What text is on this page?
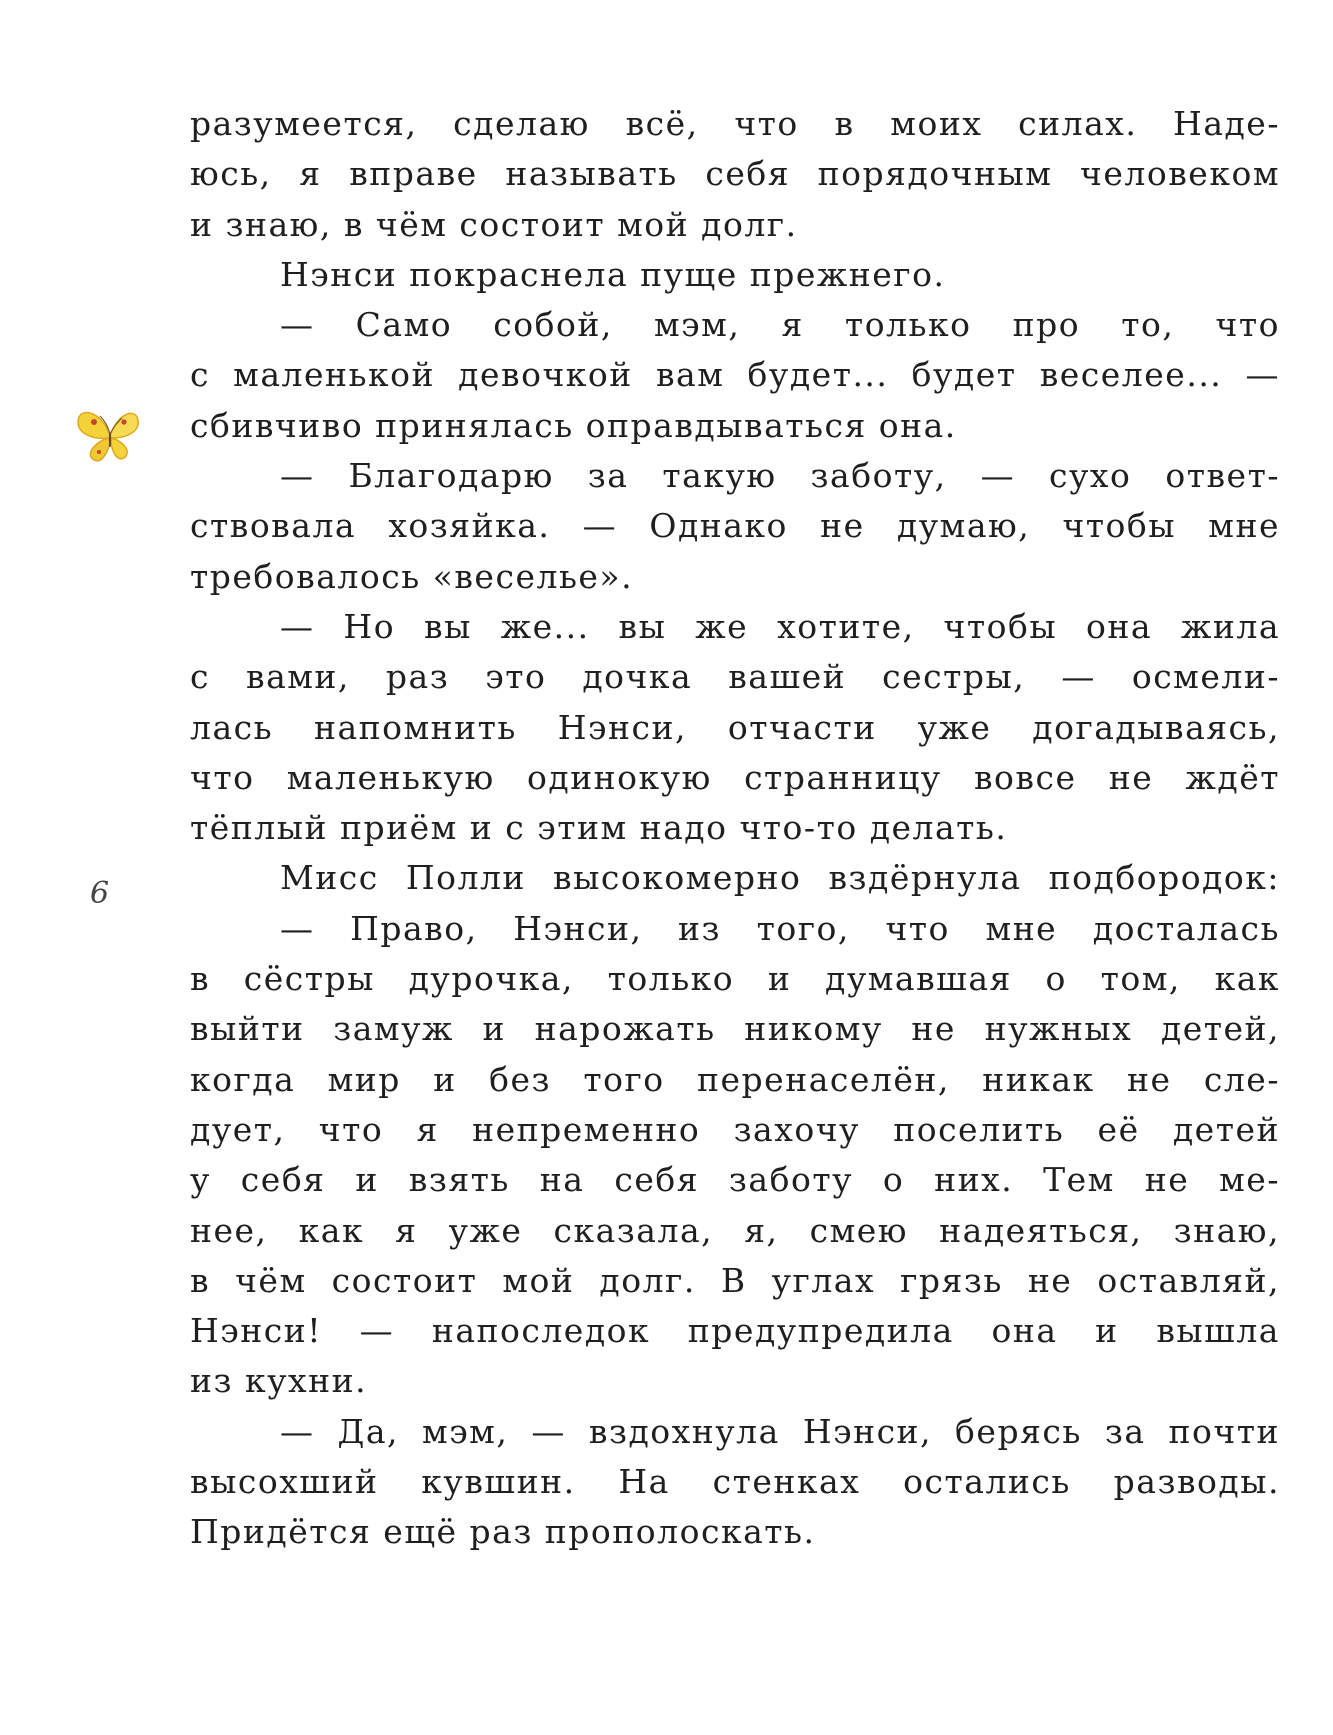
6
разумеется, сделаю всё, что в моих силах. Наде-
юсь, я вправе называть себя порядочным человеком
и знаю, в чём состоит мой долг.
Нэнси покраснела пуще прежнего.
— Само собой, мэм, я только про то, что
с маленькой девочкой вам будет... будет веселее... —
сбивчиво принялась оправдываться она.
— Благодарю за такую заботу, — сухо ответ-
ствовала хозяйка. — Однако не думаю, чтобы мне
требовалось «веселье».
— Но вы же... вы же хотите, чтобы она жила
с вами, раз это дочка вашей сестры, — осмели-
лась напомнить Нэнси, отчасти уже догадываясь,
что маленькую одинокую странницу вовсе не ждёт
тёплый приём и с этим надо что-то делать.
Мисс Полли высокомерно вздёрнула подбородок:
— Право, Нэнси, из того, что мне досталась
в сёстры дурочка, только и думавшая о том, как
выйти замуж и нарожать никому не нужных детей,
когда мир и без того перенаселён, никак не сле-
дует, что я непременно захочу поселить её детей
у себя и взять на себя заботу о них. Тем не ме-
нее, как я уже сказала, я, смею надеяться, знаю,
в чём состоит мой долг. В углах грязь не оставляй,
Нэнси! — напоследок предупредила она и вышла
из кухни.
— Да, мэм, — вздохнула Нэнси, берясь за почти
высохший кувшин. На стенках остались разводы.
Придётся ещё раз прополоскать.
